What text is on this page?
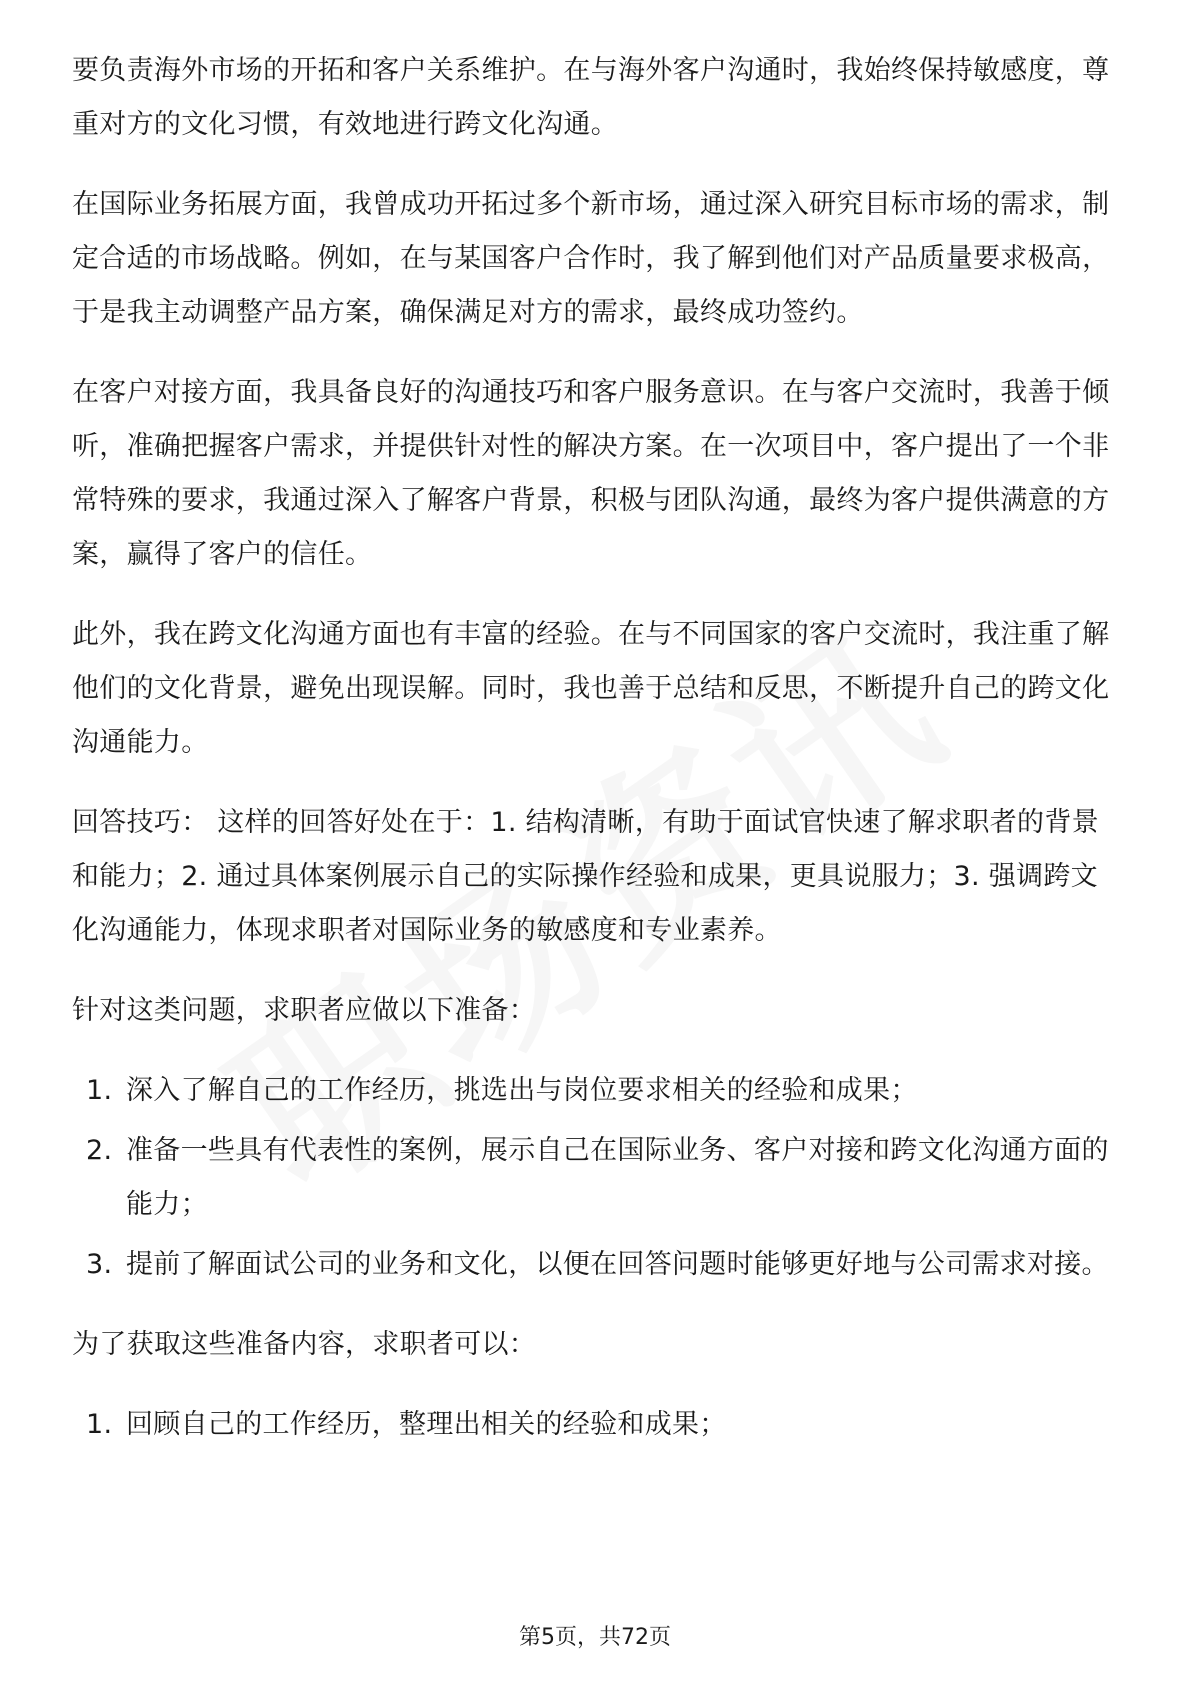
要负责海外市场的开拓和客户关系维护。在与海外客户沟通时，我始终保持敏感度，尊重对方的文化习惯，有效地进行跨文化沟通。

在国际业务拓展方面，我曾成功开拓过多个新市场，通过深入研究目标市场的需求，制定合适的市场战略。例如，在与某国客户合作时，我了解到他们对产品质量要求极高，于是我主动调整产品方案，确保满足对方的需求，最终成功签约。

在客户对接方面，我具备良好的沟通技巧和客户服务意识。在与客户交流时，我善于倾听，准确把握客户需求，并提供针对性的解决方案。在一次项目中，客户提出了一个非常特殊的要求，我通过深入了解客户背景，积极与团队沟通，最终为客户提供满意的方案，赢得了客户的信任。

此外，我在跨文化沟通方面也有丰富的经验。在与不同国家的客户交流时，我注重了解他们的文化背景，避免出现误解。同时，我也善于总结和反思，不断提升自己的跨文化沟通能力。

回答技巧： 这样的回答好处在于：1. 结构清晰，有助于面试官快速了解求职者的背景和能力；2. 通过具体案例展示自己的实际操作经验和成果，更具说服力；3. 强调跨文化沟通能力，体现求职者对国际业务的敏感度和专业素养。

针对这类问题，求职者应做以下准备：

1. 深入了解自己的工作经历，挑选出与岗位要求相关的经验和成果；
2. 准备一些具有代表性的案例，展示自己在国际业务、客户对接和跨文化沟通方面的能力；
3. 提前了解面试公司的业务和文化，以便在回答问题时能够更好地与公司需求对接。

为了获取这些准备内容，求职者可以：

1. 回顾自己的工作经历，整理出相关的经验和成果；
第5页，共72页
